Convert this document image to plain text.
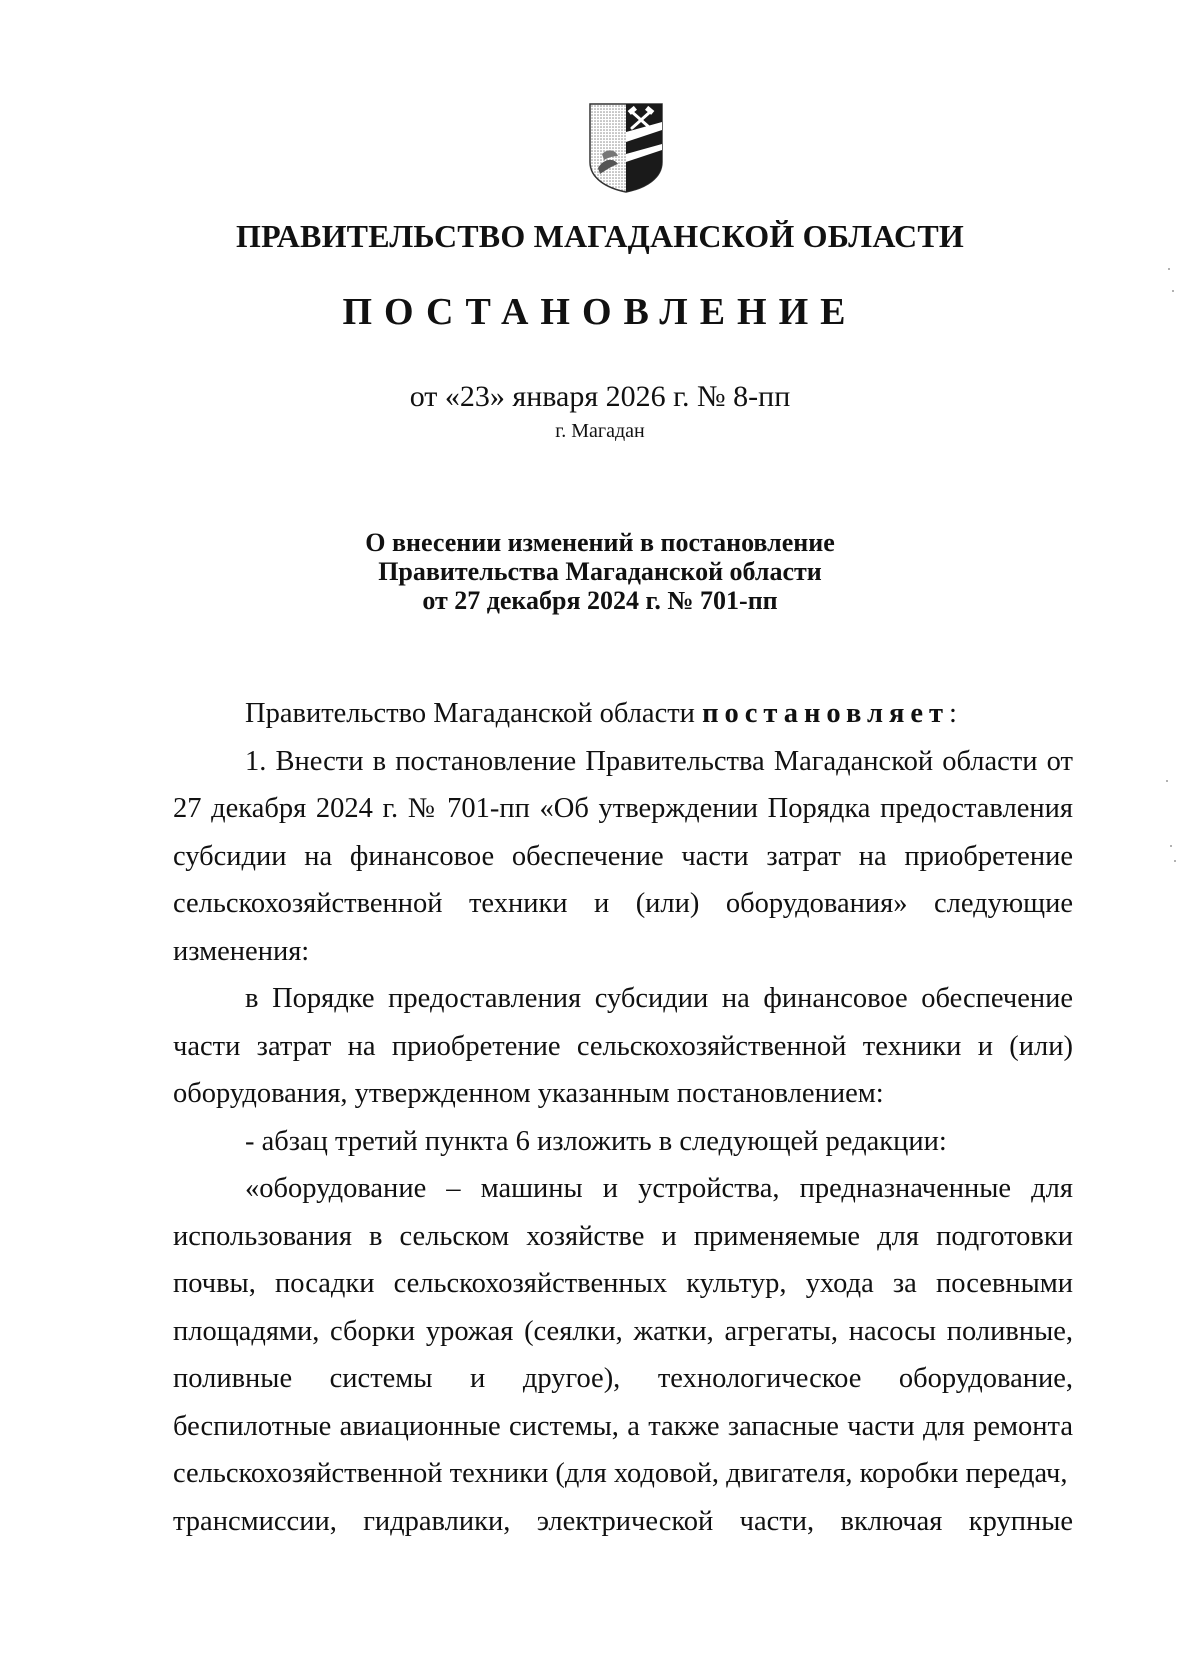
ПРАВИТЕЛЬСТВО МАГАДАНСКОЙ ОБЛАСТИ
ПОСТАНОВЛЕНИЕ
от «23» января 2026 г. № 8-пп
г. Магадан
О внесении изменений в постановление
Правительства Магаданской области
от 27 декабря 2024 г. № 701-пп

Правительство Магаданской области постановляет:

1. Внести в постановление Правительства Магаданской области от 27 декабря 2024 г. № 701-пп «Об утверждении Порядка предоставления субсидии на финансовое обеспечение части затрат на приобретение сельскохозяйственной техники и (или) оборудования» следующие изменения:

в Порядке предоставления субсидии на финансовое обеспечение части затрат на приобретение сельскохозяйственной техники и (или) оборудования, утвержденном указанным постановлением:

- абзац третий пункта 6 изложить в следующей редакции:

«оборудование – машины и устройства, предназначенные для использования в сельском хозяйстве и применяемые для подготовки почвы, посадки сельскохозяйственных культур, ухода за посевными площадями, сборки урожая (сеялки, жатки, агрегаты, насосы поливные, поливные системы и другое), технологическое оборудование, беспилотные авиационные системы, а также запасные части для ремонта сельскохозяйственной техники (для ходовой, двигателя, коробки передач,

трансмиссии, гидравлики, электрической части, включая крупные
